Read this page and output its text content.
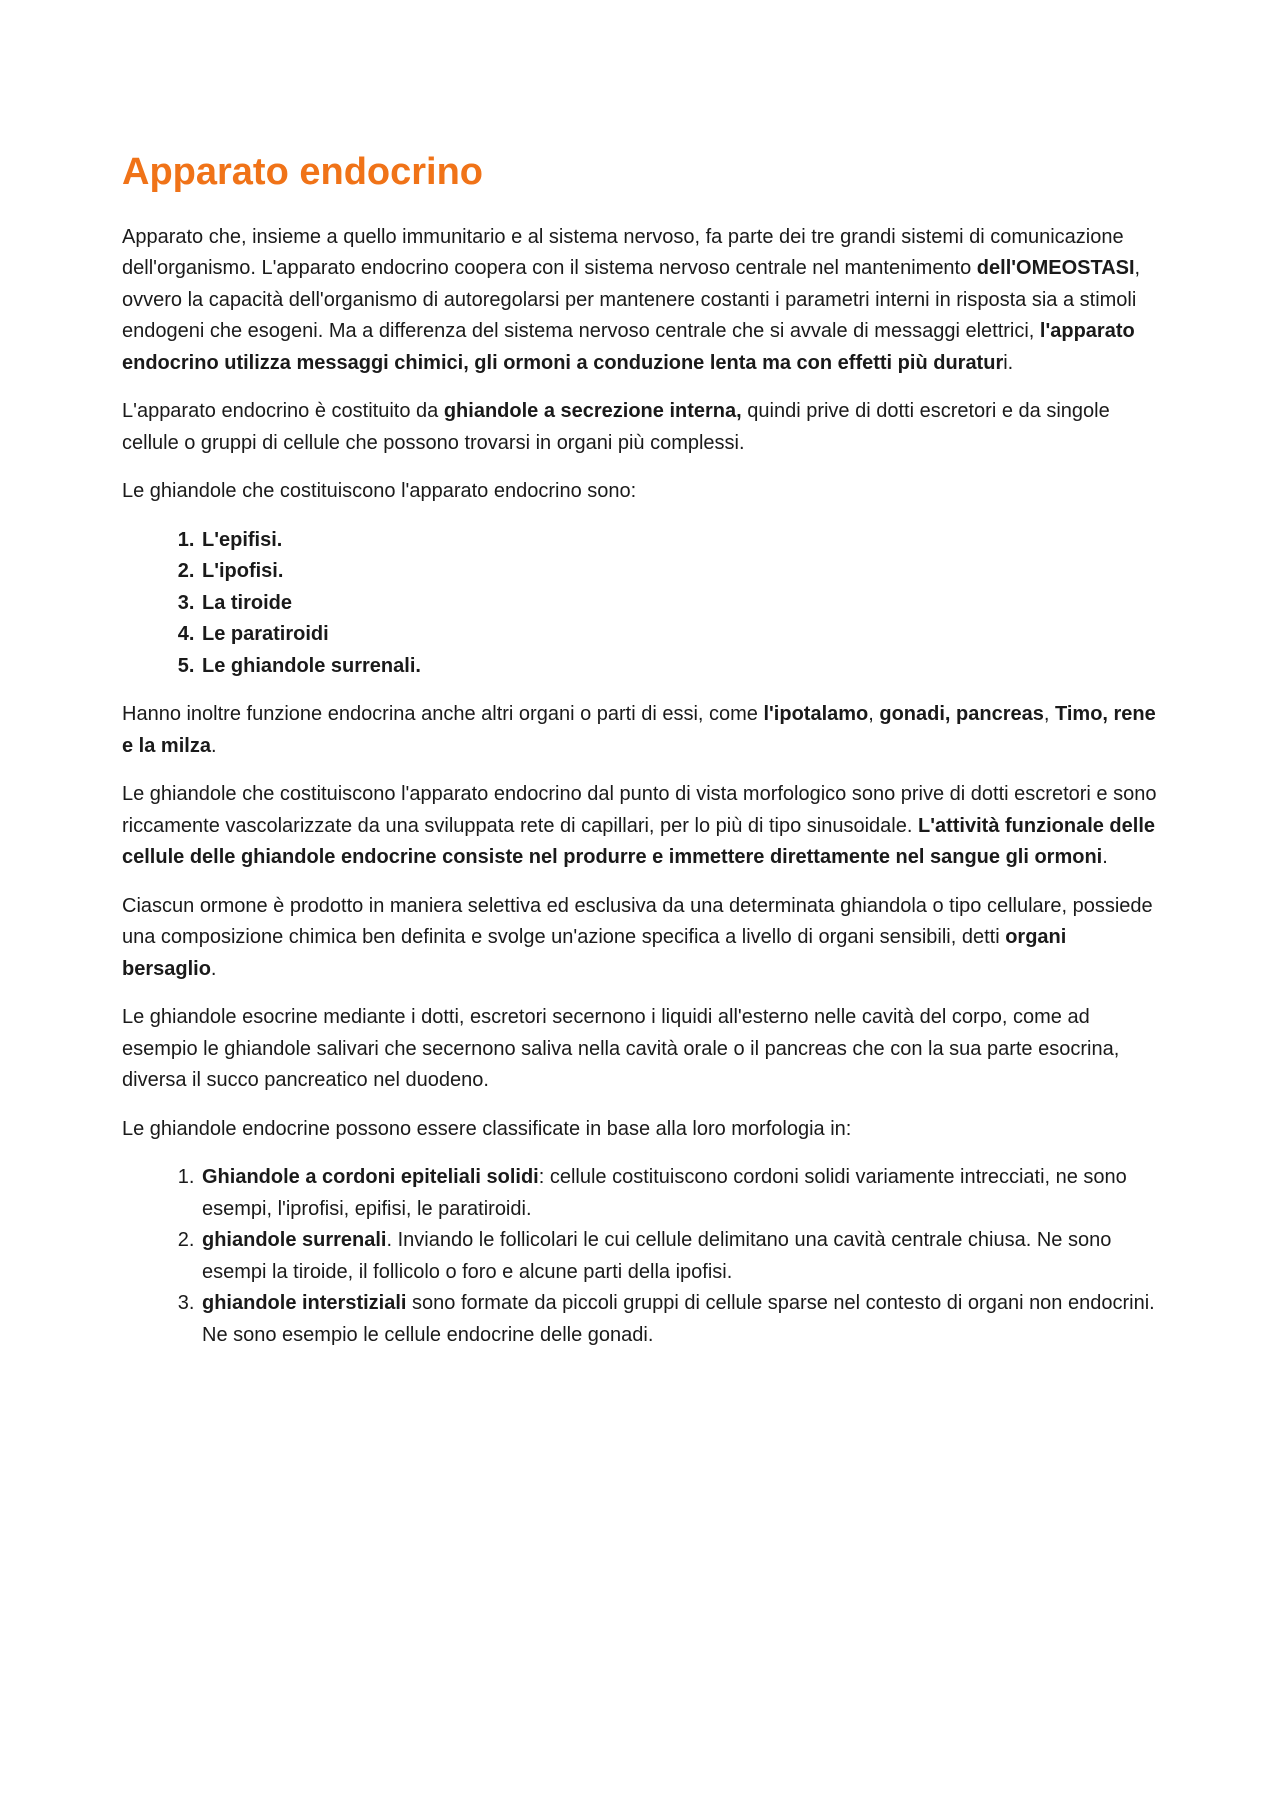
Apparato endocrino

Apparato che, insieme a quello immunitario e al sistema nervoso, fa parte dei tre grandi sistemi di comunicazione dell'organismo. L'apparato endocrino coopera con il sistema nervoso centrale nel mantenimento dell'OMEOSTASI, ovvero la capacità dell'organismo di autoregolarsi per mantenere costanti i parametri interni in risposta sia a stimoli endogeni che esogeni. Ma a differenza del sistema nervoso centrale che si avvale di messaggi elettrici, l'apparato endocrino utilizza messaggi chimici, gli ormoni a conduzione lenta ma con effetti più duraturi.

L'apparato endocrino è costituito da ghiandole a secrezione interna, quindi prive di dotti escretori e da singole cellule o gruppi di cellule che possono trovarsi in organi più complessi.

Le ghiandole che costituiscono l'apparato endocrino sono:

1. L'epifisi.
2. L'ipofisi.
3. La tiroide
4. Le paratiroidi
5. Le ghiandole surrenali.

Hanno inoltre funzione endocrina anche altri organi o parti di essi, come l'ipotalamo, gonadi, pancreas, Timo, rene e la milza.

Le ghiandole che costituiscono l'apparato endocrino dal punto di vista morfologico sono prive di dotti escretori e sono riccamente vascolarizzate da una sviluppata rete di capillari, per lo più di tipo sinusoidale. L'attività funzionale delle cellule delle ghiandole endocrine consiste nel produrre e immettere direttamente nel sangue gli ormoni.

Ciascun ormone è prodotto in maniera selettiva ed esclusiva da una determinata ghiandola o tipo cellulare, possiede una composizione chimica ben definita e svolge un'azione specifica a livello di organi sensibili, detti organi bersaglio.

Le ghiandole esocrine mediante i dotti, escretori secernono i liquidi all'esterno nelle cavità del corpo, come ad esempio le ghiandole salivari che secernono saliva nella cavità orale o il pancreas che con la sua parte esocrina, diversa il succo pancreatico nel duodeno.

Le ghiandole endocrine possono essere classificate in base alla loro morfologia in:

1. Ghiandole a cordoni epiteliali solidi: cellule costituiscono cordoni solidi variamente intrecciati, ne sono esempi, l'iprofisi, epifisi, le paratiroidi.
2. ghiandole surrenali. Inviando le follicolari le cui cellule delimitano una cavità centrale chiusa. Ne sono esempi la tiroide, il follicolo o foro e alcune parti della ipofisi.
3. ghiandole interstiziali sono formate da piccoli gruppi di cellule sparse nel contesto di organi non endocrini. Ne sono esempio le cellule endocrine delle gonadi.
